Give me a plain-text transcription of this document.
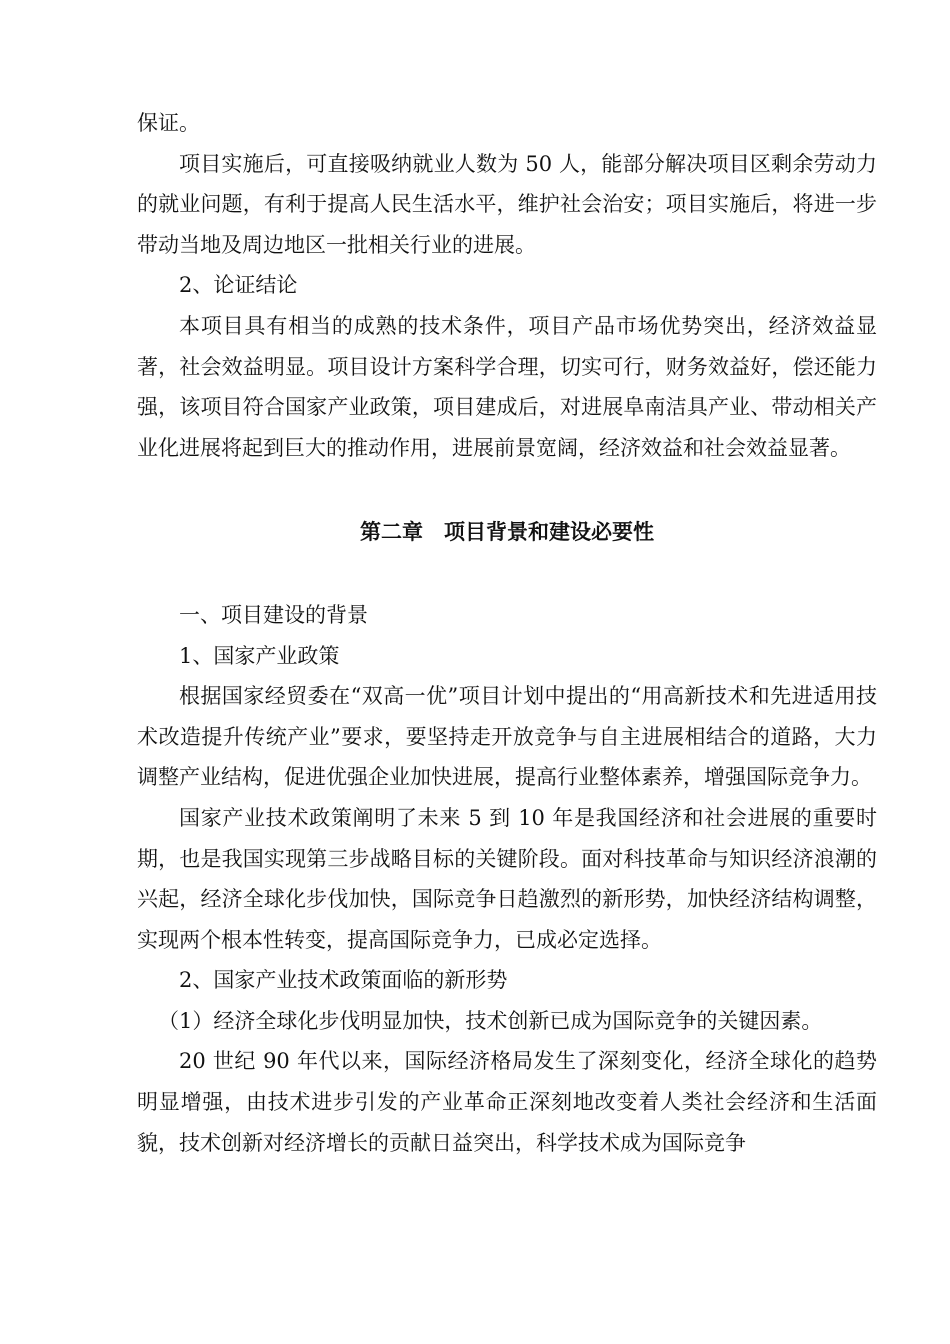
保证。

项目实施后，可直接吸纳就业人数为 50 人，能部分解决项目区剩余劳动力的就业问题，有利于提高人民生活水平，维护社会治安；项目实施后，将进一步带动当地及周边地区一批相关行业的进展。

2、论证结论

本项目具有相当的成熟的技术条件，项目产品市场优势突出，经济效益显著，社会效益明显。项目设计方案科学合理，切实可行，财务效益好，偿还能力强，该项目符合国家产业政策，项目建成后，对进展阜南洁具产业、带动相关产业化进展将起到巨大的推动作用，进展前景宽阔，经济效益和社会效益显著。

第二章　项目背景和建设必要性

一、项目建设的背景

1、国家产业政策

根据国家经贸委在“双高一优”项目计划中提出的“用高新技术和先进适用技术改造提升传统产业”要求，要坚持走开放竞争与自主进展相结合的道路，大力调整产业结构，促进优强企业加快进展，提高行业整体素养，增强国际竞争力。

国家产业技术政策阐明了未来 5 到 10 年是我国经济和社会进展的重要时期，也是我国实现第三步战略目标的关键阶段。面对科技革命与知识经济浪潮的兴起，经济全球化步伐加快，国际竞争日趋激烈的新形势，加快经济结构调整，实现两个根本性转变，提高国际竞争力，已成必定选择。

2、国家产业技术政策面临的新形势

（1）经济全球化步伐明显加快，技术创新已成为国际竞争的关键因素。

20 世纪 90 年代以来，国际经济格局发生了深刻变化，经济全球化的趋势明显增强，由技术进步引发的产业革命正深刻地改变着人类社会经济和生活面貌，技术创新对经济增长的贡献日益突出，科学技术成为国际竞争
